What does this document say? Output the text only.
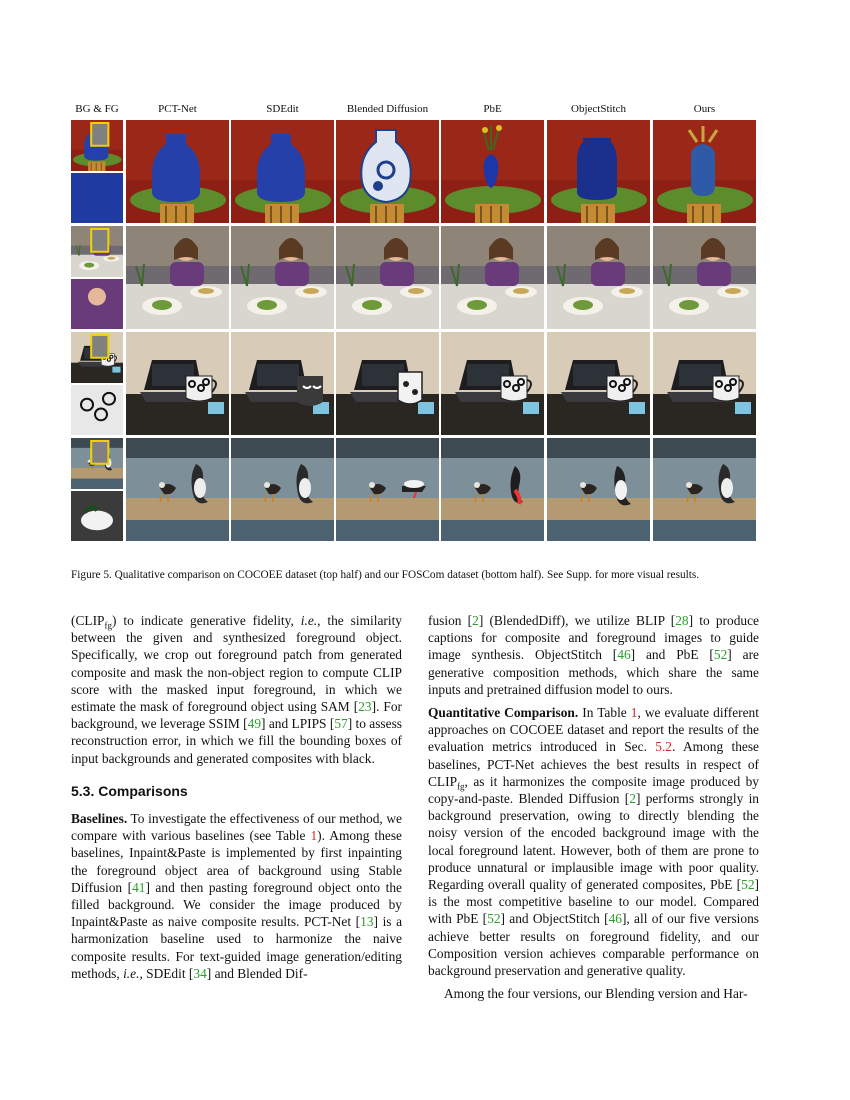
BG & FG	PCT-Net	SDEdit	Blended Diffusion	PbE	ObjectStitch	Ours
Figure 5. Qualitative comparison on COCOEE dataset (top half) and our FOSCom dataset (bottom half). See Supp. for more visual results.

$(CLIP_{fg})$ to indicate generative fidelity, i.e., the similarity between the given and synthesized foreground object. Specifically, we crop out foreground patch from generated composite and mask the non-object region to compute CLIP score with the masked input foreground, in which we estimate the mask of foreground object using SAM [23]. For background, we leverage SSIM [49] and LPIPS [57] to assess reconstruction error, in which we fill the bounding boxes of input backgrounds and generated composites with black.

5.3. Comparisons

Baselines. To investigate the effectiveness of our method, we compare with various baselines (see Table 1). Among these baselines, Inpaint&Paste is implemented by first inpainting the foreground object area of background using Stable Diffusion [41] and then pasting foreground object onto the filled background. We consider the image produced by Inpaint&Paste as naive composite results. PCT-Net [13] is a harmonization baseline used to harmonize the naive composite results. For text-guided image generation/editing methods, i.e., SDEdit [34] and Blended Dif-

fusion [2] (BlendedDiff), we utilize BLIP [28] to produce captions for composite and foreground images to guide image synthesis. ObjectStitch [46] and PbE [52] are generative composition methods, which share the same inputs and pretrained diffusion model to ours.

Quantitative Comparison. In Table 1, we evaluate different approaches on COCOEE dataset and report the results of the evaluation metrics introduced in Sec. 5.2. Among these baselines, PCT-Net achieves the best results in respect of $CLIP_{fg}$, as it harmonizes the composite image produced by copy-and-paste. Blended Diffusion [2] performs strongly in background preservation, owing to directly blending the noisy version of the encoded background image with the local foreground latent. However, both of them are prone to produce unnatural or implausible image with poor quality. Regarding overall quality of generated composites, PbE [52] is the most competitive baseline to our model. Compared with PbE [52] and ObjectStitch [46], all of our five versions achieve better results on foreground fidelity, and our Composition version achieves comparable performance on background preservation and generative quality.

Among the four versions, our Blending version and Har-
